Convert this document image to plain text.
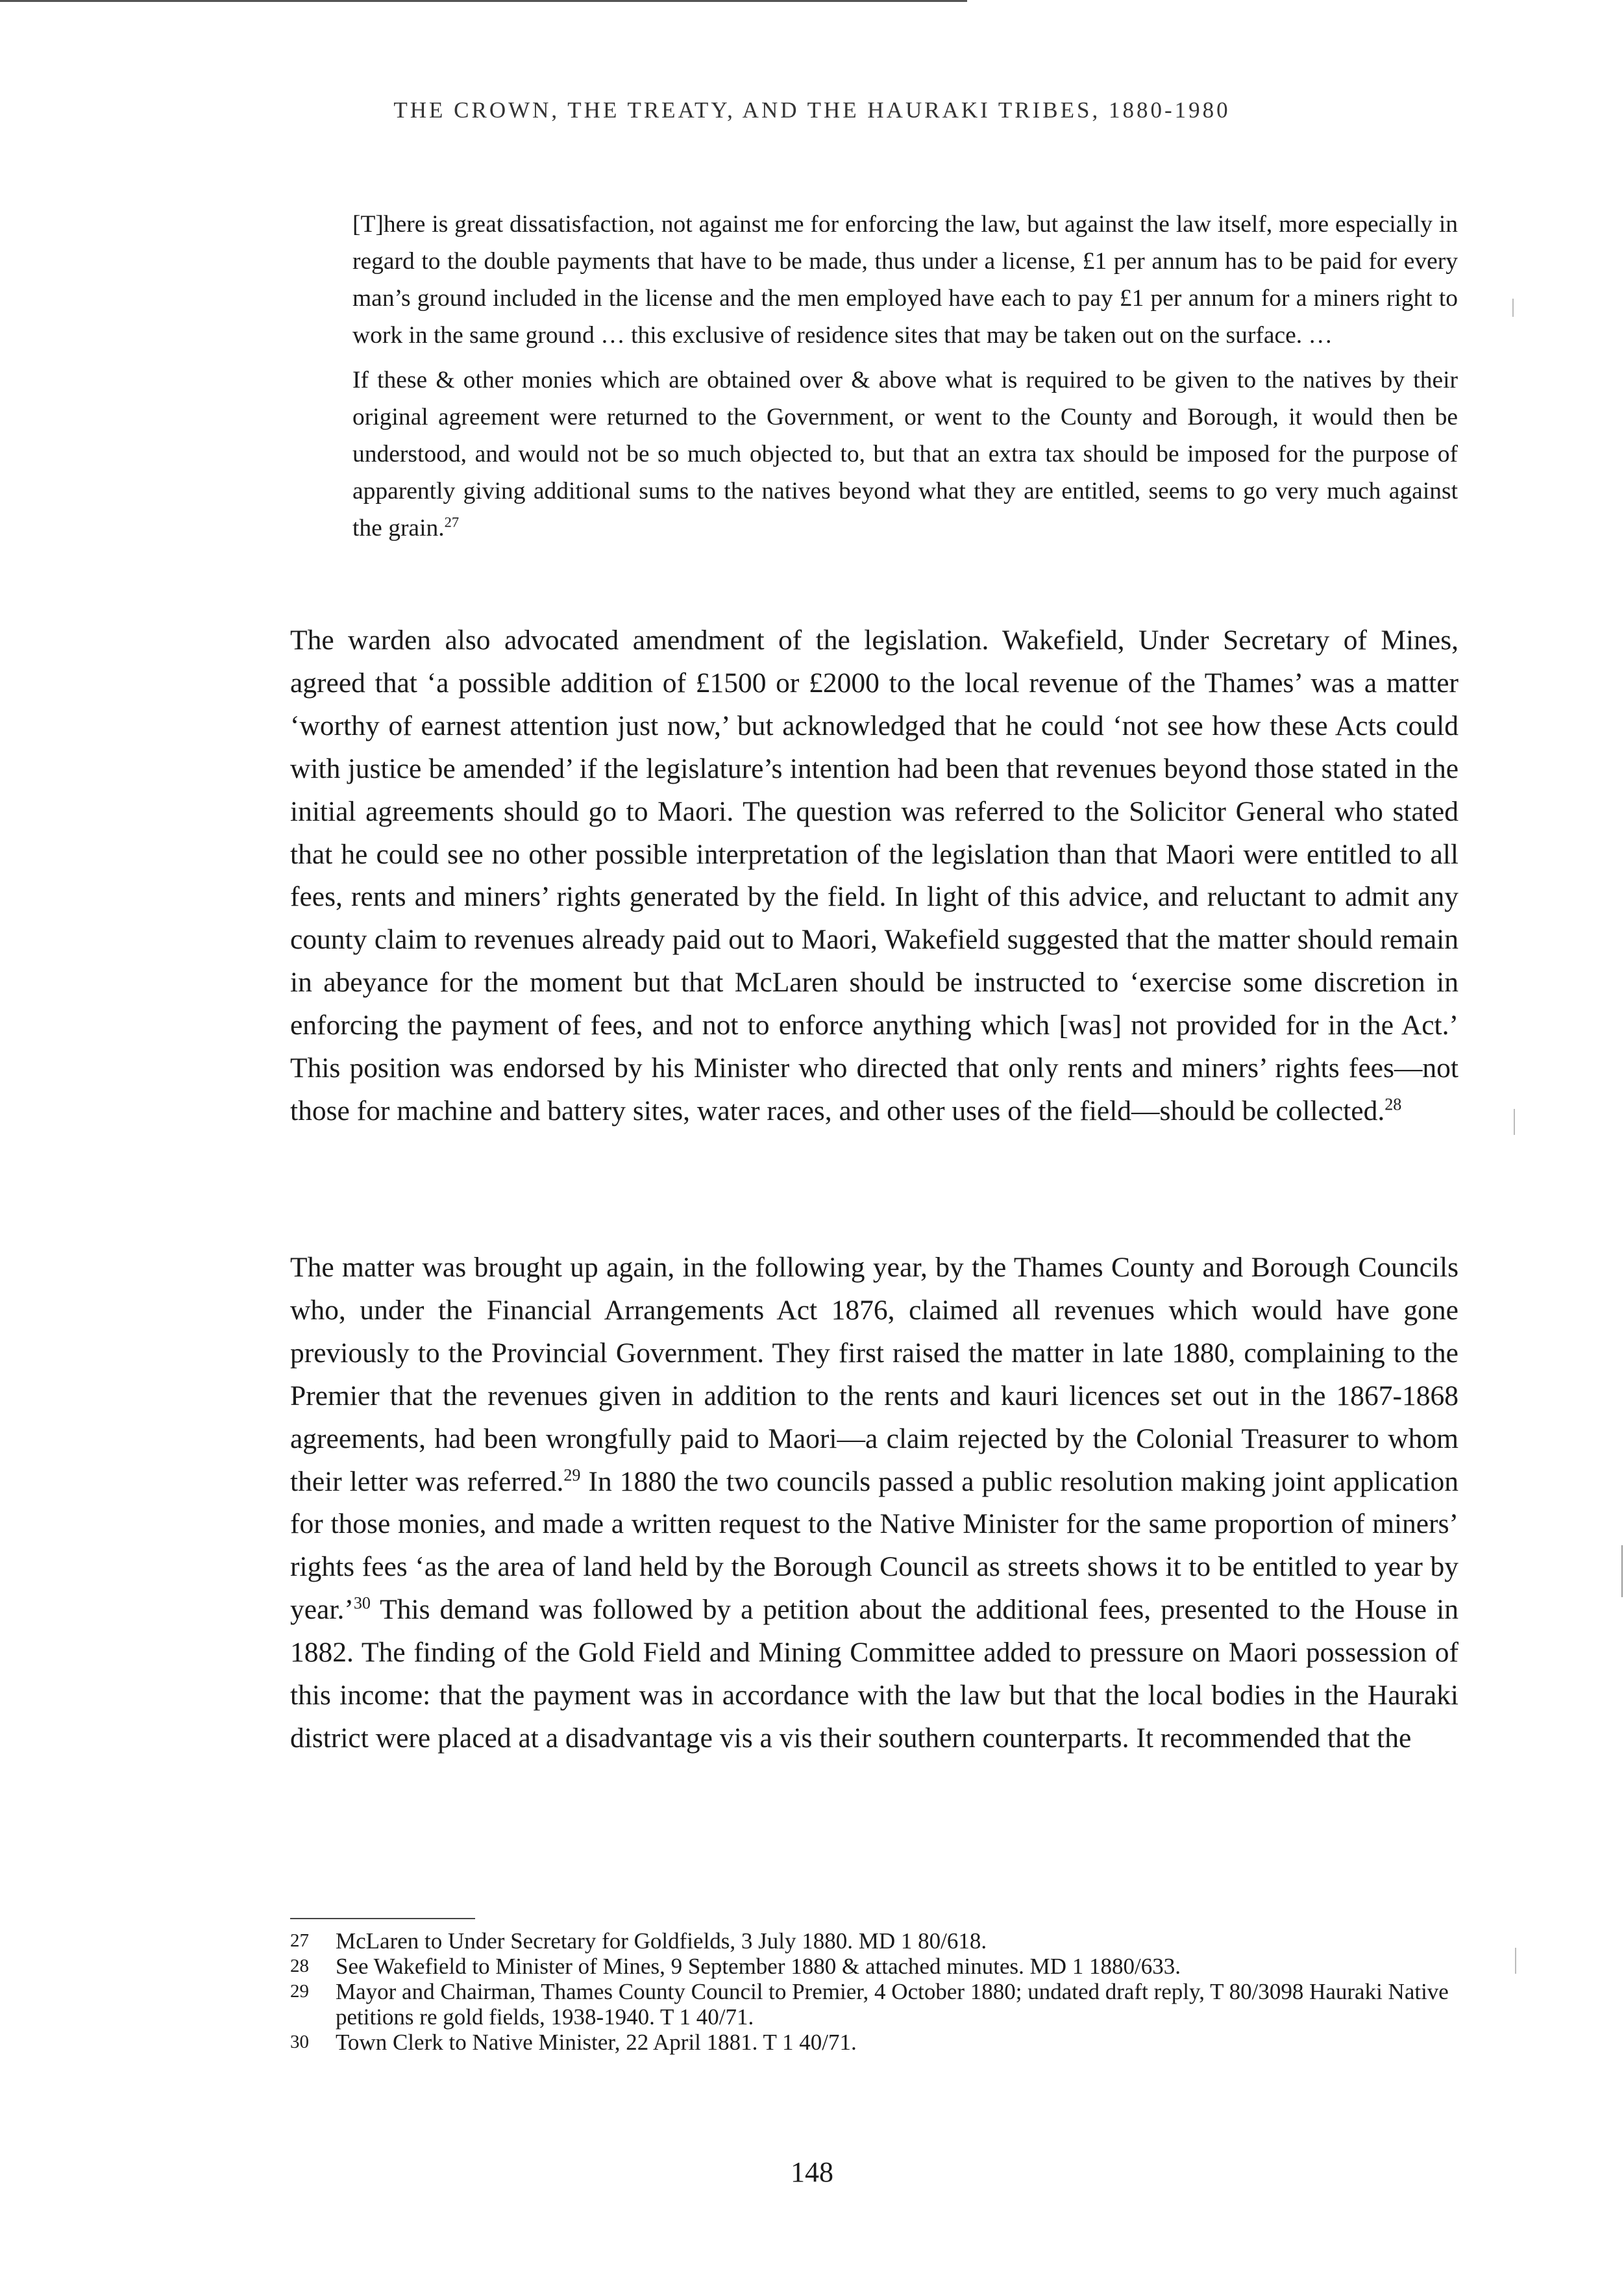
THE CROWN, THE TREATY, AND THE HAURAKI TRIBES, 1880-1980

[T]here is great dissatisfaction, not against me for enforcing the law, but against the law itself, more especially in regard to the double payments that have to be made, thus under a license, £1 per annum has to be paid for every man’s ground included in the license and the men employed have each to pay £1 per annum for a miners right to work in the same ground … this exclusive of residence sites that may be taken out on the surface. …

If these & other monies which are obtained over & above what is required to be given to the natives by their original agreement were returned to the Government, or went to the County and Borough, it would then be understood, and would not be so much objected to, but that an extra tax should be imposed for the purpose of apparently giving additional sums to the natives beyond what they are entitled, seems to go very much against the grain.$^{27}$

The warden also advocated amendment of the legislation. Wakefield, Under Secretary of Mines, agreed that ‘a possible addition of £1500 or £2000 to the local revenue of the Thames’ was a matter ‘worthy of earnest attention just now,’ but acknowledged that he could ‘not see how these Acts could with justice be amended’ if the legislature’s intention had been that revenues beyond those stated in the initial agreements should go to Maori. The question was referred to the Solicitor General who stated that he could see no other possible interpretation of the legislation than that Maori were entitled to all fees, rents and miners’ rights generated by the field. In light of this advice, and reluctant to admit any county claim to revenues already paid out to Maori, Wakefield suggested that the matter should remain in abeyance for the moment but that McLaren should be instructed to ‘exercise some discretion in enforcing the payment of fees, and not to enforce anything which [was] not provided for in the Act.’ This position was endorsed by his Minister who directed that only rents and miners’ rights fees—not those for machine and battery sites, water races, and other uses of the field—should be collected.$^{28}$

The matter was brought up again, in the following year, by the Thames County and Borough Councils who, under the Financial Arrangements Act 1876, claimed all revenues which would have gone previously to the Provincial Government. They first raised the matter in late 1880, complaining to the Premier that the revenues given in addition to the rents and kauri licences set out in the 1867-1868 agreements, had been wrongfully paid to Maori—a claim rejected by the Colonial Treasurer to whom their letter was referred.$^{29}$ In 1880 the two councils passed a public resolution making joint application for those monies, and made a written request to the Native Minister for the same proportion of miners’ rights fees ‘as the area of land held by the Borough Council as streets shows it to be entitled to year by year.’$^{30}$ This demand was followed by a petition about the additional fees, presented to the House in 1882. The finding of the Gold Field and Mining Committee added to pressure on Maori possession of this income: that the payment was in accordance with the law but that the local bodies in the Hauraki district were placed at a disadvantage vis a vis their southern counterparts. It recommended that the

27	McLaren to Under Secretary for Goldfields, 3 July 1880. MD 1 80/618.
28	See Wakefield to Minister of Mines, 9 September 1880 & attached minutes. MD 1 1880/633.
29	Mayor and Chairman, Thames County Council to Premier, 4 October 1880; undated draft reply, T 80/3098 Hauraki Native petitions re gold fields, 1938-1940. T 1 40/71.
30	Town Clerk to Native Minister, 22 April 1881. T 1 40/71.
148
